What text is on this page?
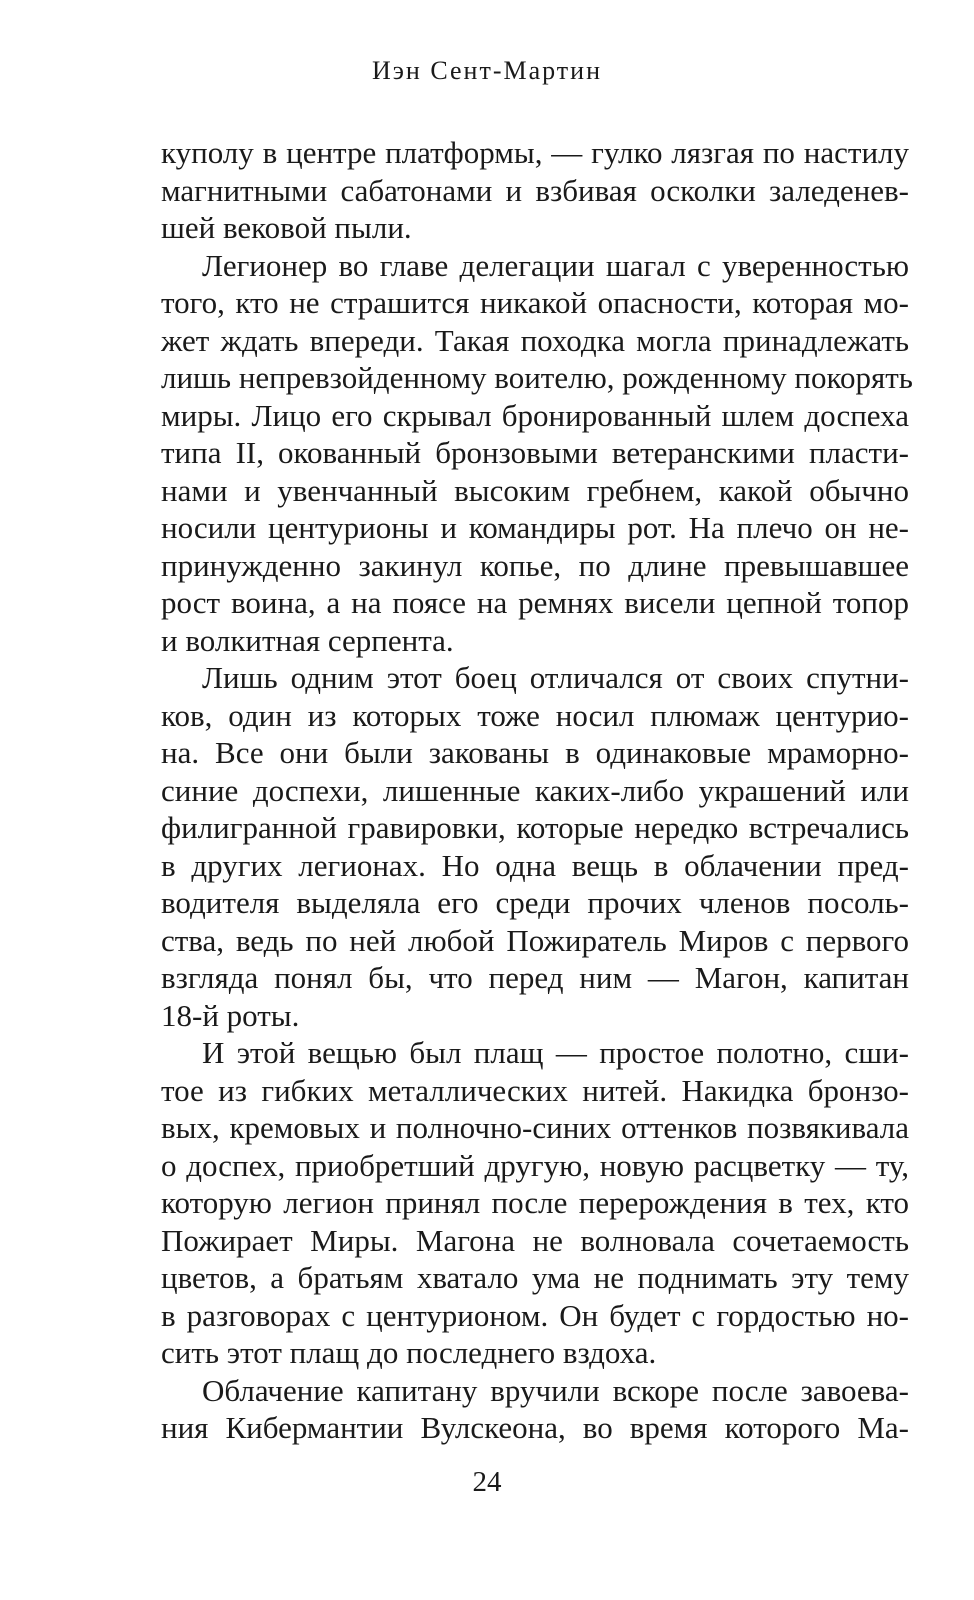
Иэн Сент-Мартин
куполу в центре платформы, — гулко лязгая по настилу
магнитными сабатонами и взбивая осколки заледенев-
шей вековой пыли.
Легионер во главе делегации шагал с уверенностью
того, кто не страшится никакой опасности, которая мо-
жет ждать впереди. Такая походка могла принадлежать
лишь непревзойденному воителю, рожденному покорять
миры. Лицо его скрывал бронированный шлем доспеха
типа II, окованный бронзовыми ветеранскими пласти-
нами и увенчанный высоким гребнем, какой обычно
носили центурионы и командиры рот. На плечо он не-
принужденно закинул копье, по длине превышавшее
рост воина, а на поясе на ремнях висели цепной топор
и волкитная серпента.
Лишь одним этот боец отличался от своих спутни-
ков, один из которых тоже носил плюмаж центурио-
на. Все они были закованы в одинаковые мраморно-
синие доспехи, лишенные каких-либо украшений или
филигранной гравировки, которые нередко встречались
в других легионах. Но одна вещь в облачении пред-
водителя выделяла его среди прочих членов посоль-
ства, ведь по ней любой Пожиратель Миров с первого
взгляда понял бы, что перед ним — Магон, капитан
18-й роты.
И этой вещью был плащ — простое полотно, сши-
тое из гибких металлических нитей. Накидка бронзо-
вых, кремовых и полночно-синих оттенков позвякивала
о доспех, приобретший другую, новую расцветку — ту,
которую легион принял после перерождения в тех, кто
Пожирает Миры. Магона не волновала сочетаемость
цветов, а братьям хватало ума не поднимать эту тему
в разговорах с центурионом. Он будет с гордостью но-
сить этот плащ до последнего вздоха.
Облачение капитану вручили вскоре после завоева-
ния Кибермантии Вулскеона, во время которого Ма-
24
